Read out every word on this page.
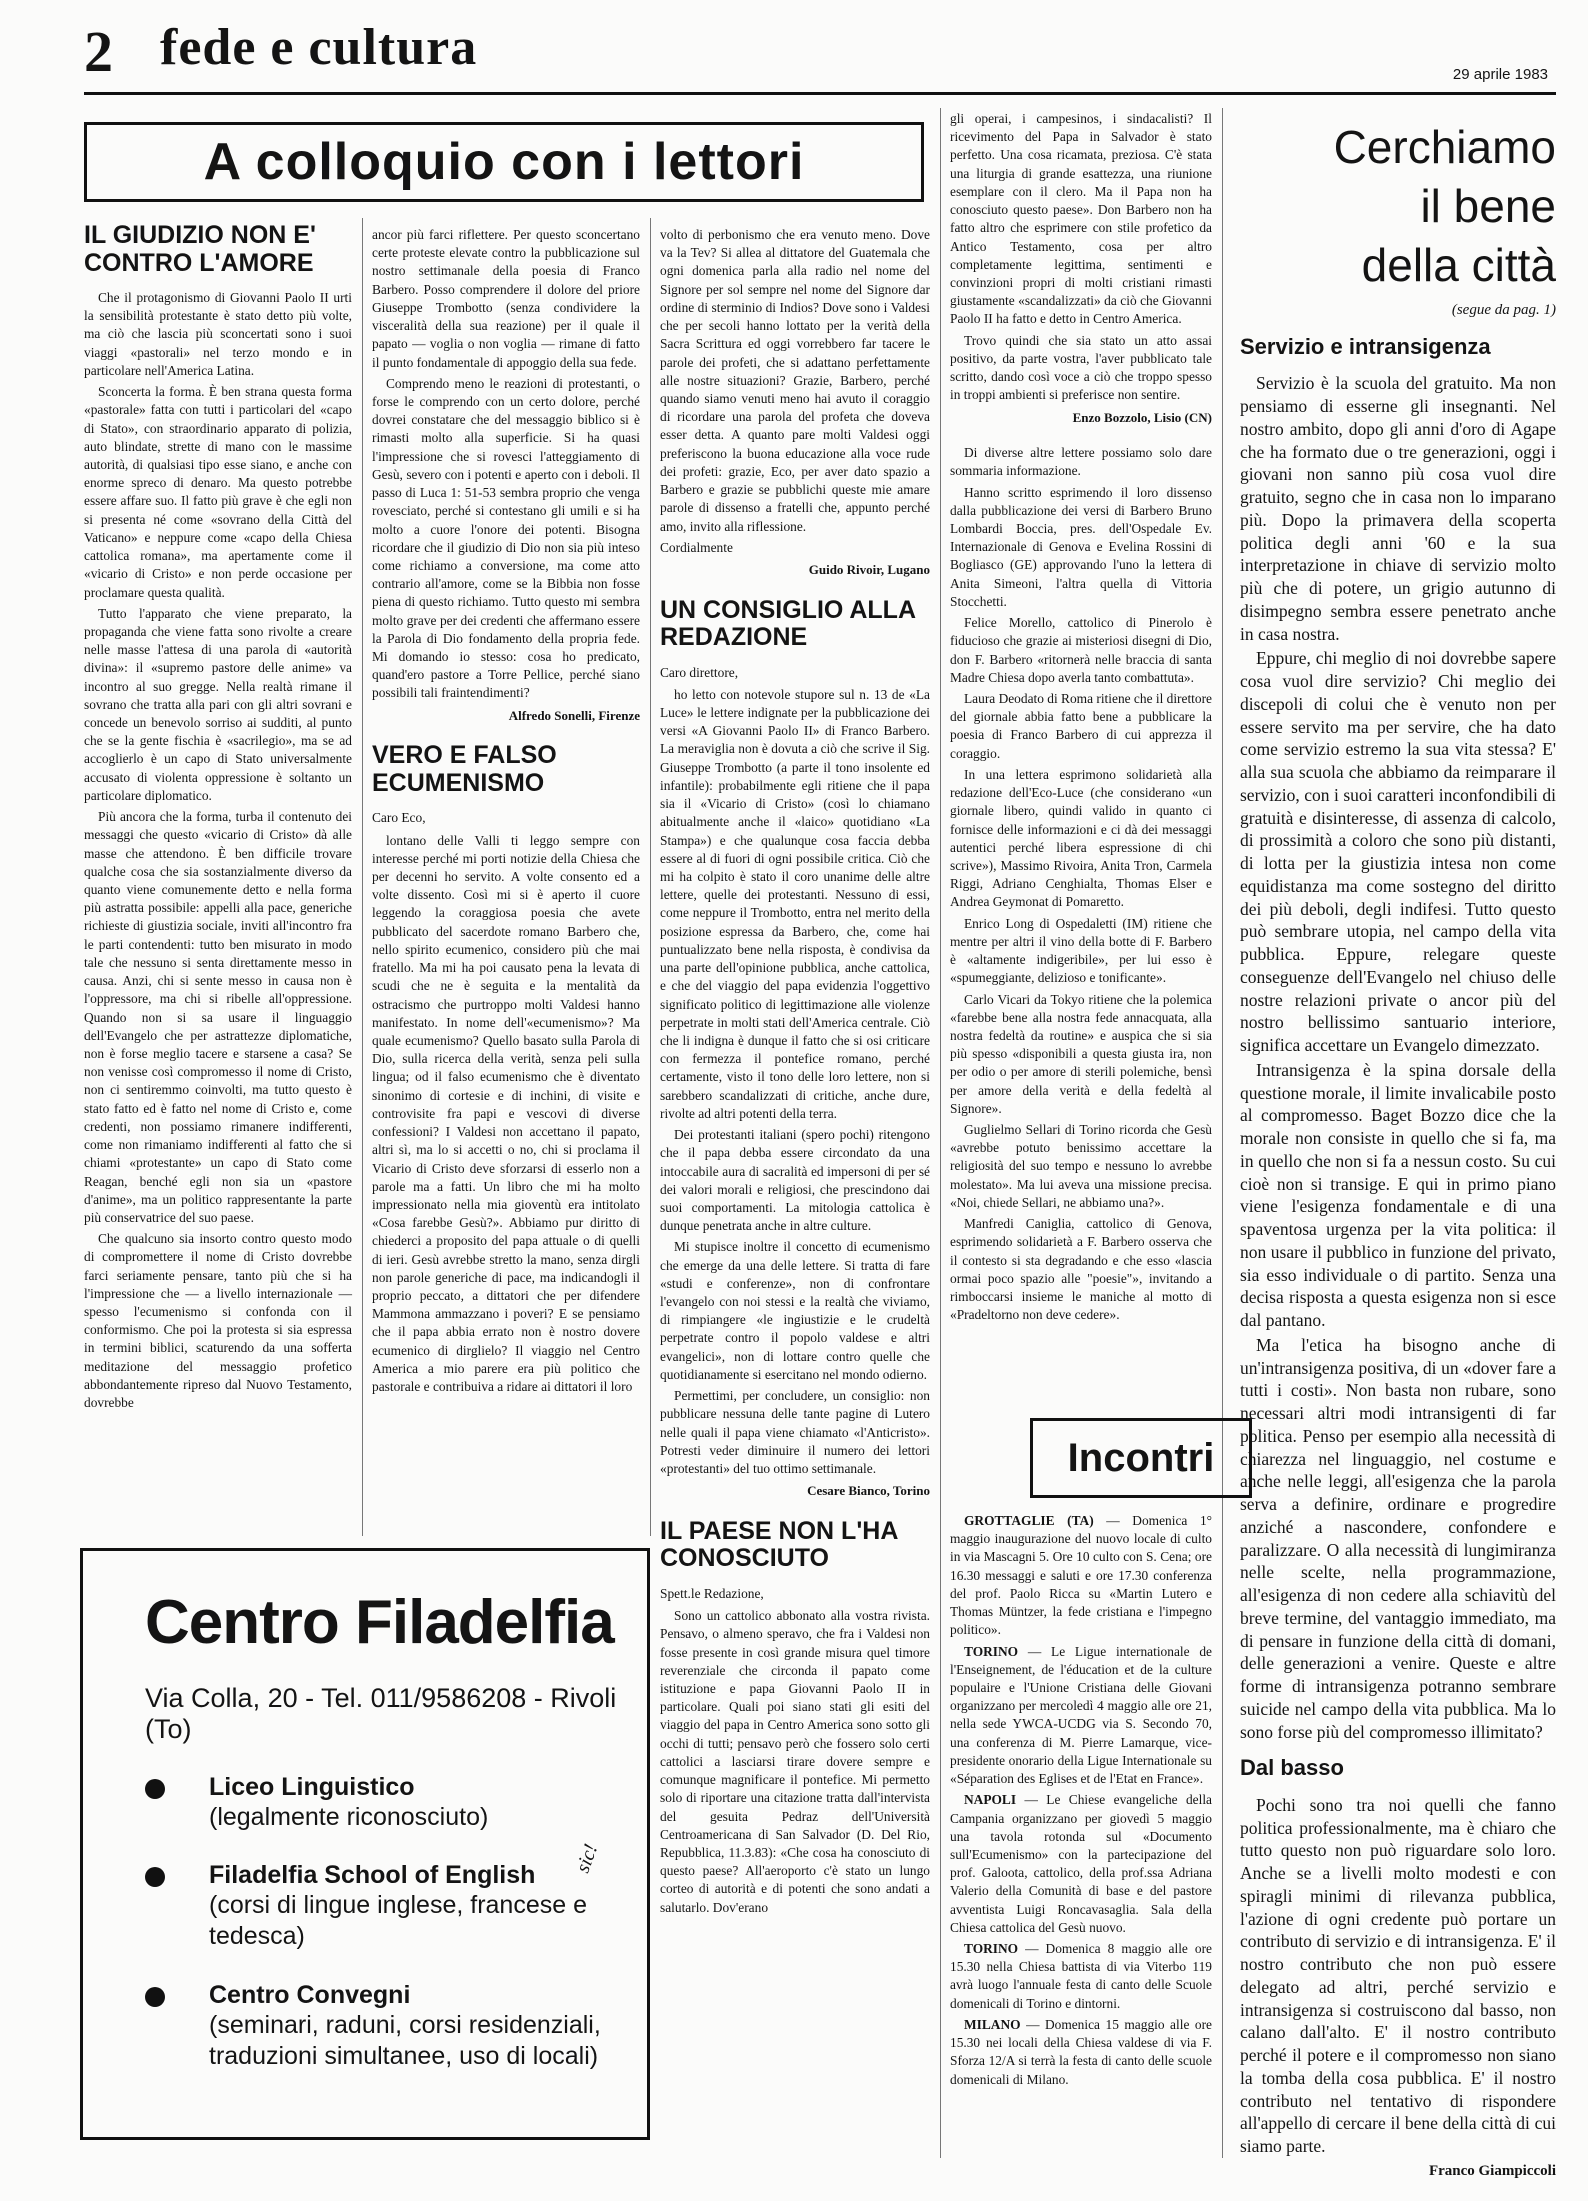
2 fede e cultura	29 aprile 1983
A colloquio con i lettori
IL GIUDIZIO NON E' CONTRO L'AMORE

Che il protagonismo di Giovanni Paolo II urti la sensibilità protestante è stato detto più volte, ma ciò che lascia più sconcertati sono i suoi viaggi «pastorali» nel terzo mondo e in particolare nell'America Latina.

Sconcerta la forma. È ben strana questa forma «pastorale» fatta con tutti i particolari del «capo di Stato», con straordinario apparato di polizia, auto blindate, strette di mano con le massime autorità, di qualsiasi tipo esse siano, e anche con enorme spreco di denaro. Ma questo potrebbe essere affare suo. Il fatto più grave è che egli non si presenta né come «sovrano della Città del Vaticano» e neppure come «capo della Chiesa cattolica romana», ma apertamente come il «vicario di Cristo» e non perde occasione per proclamare questa qualità.

Tutto l'apparato che viene preparato, la propaganda che viene fatta sono rivolte a creare nelle masse l'attesa di una parola di «autorità divina»: il «supremo pastore delle anime» va incontro al suo gregge. Nella realtà rimane il sovrano che tratta alla pari con gli altri sovrani e concede un benevolo sorriso ai sudditi, al punto che se la gente fischia è «sacrilegio», ma se ad accoglierlo è un capo di Stato universalmente accusato di violenta oppressione è soltanto un particolare diplomatico.

Più ancora che la forma, turba il contenuto dei messaggi che questo «vicario di Cristo» dà alle masse che attendono. È ben difficile trovare qualche cosa che sia sostanzialmente diverso da quanto viene comunemente detto e nella forma più astratta possibile: appelli alla pace, generiche richieste di giustizia sociale, inviti all'incontro fra le parti contendenti: tutto ben misurato in modo tale che nessuno si senta direttamente messo in causa. Anzi, chi si sente messo in causa non è l'oppressore, ma chi si ribelle all'oppressione. Quando non si sa usare il linguaggio dell'Evangelo che per astrattezze diplomatiche, non è forse meglio tacere e starsene a casa? Se non venisse così compromesso il nome di Cristo, non ci sentiremmo coinvolti, ma tutto questo è stato fatto ed è fatto nel nome di Cristo e, come credenti, non possiamo rimanere indifferenti, come non rimaniamo indifferenti al fatto che si chiami «protestante» un capo di Stato come Reagan, benché egli non sia un «pastore d'anime», ma un politico rappresentante la parte più conservatrice del suo paese.

Che qualcuno sia insorto contro questo modo di compromettere il nome di Cristo dovrebbe farci seriamente pensare, tanto più che si ha l'impressione che — a livello internazionale — spesso l'ecumenismo si confonda con il conformismo. Che poi la protesta si sia espressa in termini biblici, scaturendo da una sofferta meditazione del messaggio profetico abbondantemente ripreso dal Nuovo Testamento, dovrebbe

ancor più farci riflettere. Per questo sconcertano certe proteste elevate contro la pubblicazione sul nostro settimanale della poesia di Franco Barbero. Posso comprendere il dolore del priore Giuseppe Trombotto (senza condividere la visceralità della sua reazione) per il quale il papato — voglia o non voglia — rimane di fatto il punto fondamentale di appoggio della sua fede.

Comprendo meno le reazioni di protestanti, o forse le comprendo con un certo dolore, perché dovrei constatare che del messaggio biblico si è rimasti molto alla superficie. Si ha quasi l'impressione che si rovesci l'atteggiamento di Gesù, severo con i potenti e aperto con i deboli. Il passo di Luca 1: 51-53 sembra proprio che venga rovesciato, perché si contestano gli umili e si ha molto a cuore l'onore dei potenti. Bisogna ricordare che il giudizio di Dio non sia più inteso come richiamo a conversione, ma come atto contrario all'amore, come se la Bibbia non fosse piena di questo richiamo. Tutto questo mi sembra molto grave per dei credenti che affermano essere la Parola di Dio fondamento della propria fede. Mi domando io stesso: cosa ho predicato, quand'ero pastore a Torre Pellice, perché siano possibili tali fraintendimenti?

Alfredo Sonelli, Firenze
VERO E FALSO ECUMENISMO

Caro Eco,

lontano delle Valli ti leggo sempre con interesse perché mi porti notizie della Chiesa che per decenni ho servito. A volte consento ed a volte dissento. Così mi si è aperto il cuore leggendo la coraggiosa poesia che avete pubblicato del sacerdote romano Barbero che, nello spirito ecumenico, considero più che mai fratello. Ma mi ha poi causato pena la levata di scudi che ne è seguita e la mentalità da ostracismo che purtroppo molti Valdesi hanno manifestato. In nome dell'«ecumenismo»? Ma quale ecumenismo? Quello basato sulla Parola di Dio, sulla ricerca della verità, senza peli sulla lingua; od il falso ecumenismo che è diventato sinonimo di cortesie e di inchini, di visite e controvisite fra papi e vescovi di diverse confessioni? I Valdesi non accettano il papato, altri sì, ma lo si accetti o no, chi si proclama il Vicario di Cristo deve sforzarsi di esserlo non a parole ma a fatti. Un libro che mi ha molto impressionato nella mia gioventù era intitolato «Cosa farebbe Gesù?». Abbiamo pur diritto di chiederci a proposito del papa attuale o di quelli di ieri. Gesù avrebbe stretto la mano, senza dirgli non parole generiche di pace, ma indicandogli il proprio peccato, a dittatori che per difendere Mammona ammazzano i poveri? E se pensiamo che il papa abbia errato non è nostro dovere ecumenico di dirglielo? Il viaggio nel Centro America a mio parere era più politico che pastorale e contribuiva a ridare ai dittatori il loro

volto di perbonismo che era venuto meno. Dove va la Tev? Si allea al dittatore del Guatemala che ogni domenica parla alla radio nel nome del Signore per sol sempre nel nome del Signore dar ordine di sterminio di Indios? Dove sono i Valdesi che per secoli hanno lottato per la verità della Sacra Scrittura ed oggi vorrebbero far tacere le parole dei profeti, che si adattano perfettamente alle nostre situazioni? Grazie, Barbero, perché quando siamo venuti meno hai avuto il coraggio di ricordare una parola del profeta che doveva esser detta. A quanto pare molti Valdesi oggi preferiscono la buona educazione alla voce rude dei profeti: grazie, Eco, per aver dato spazio a Barbero e grazie se pubblichi queste mie amare parole di dissenso a fratelli che, appunto perché amo, invito alla riflessione.

Cordialmente

Guido Rivoir, Lugano
UN CONSIGLIO ALLA REDAZIONE

Caro direttore,

ho letto con notevole stupore sul n. 13 de «La Luce» le lettere indignate per la pubblicazione dei versi «A Giovanni Paolo II» di Franco Barbero. La meraviglia non è dovuta a ciò che scrive il Sig. Giuseppe Trombotto (a parte il tono insolente ed infantile): probabilmente egli ritiene che il papa sia il «Vicario di Cristo» (così lo chiamano abitualmente anche il «laico» quotidiano «La Stampa») e che qualunque cosa faccia debba essere al di fuori di ogni possibile critica. Ciò che mi ha colpito è stato il coro unanime delle altre lettere, quelle dei protestanti. Nessuno di essi, come neppure il Trombotto, entra nel merito della posizione espressa da Barbero, che, come hai puntualizzato bene nella risposta, è condivisa da una parte dell'opinione pubblica, anche cattolica, e che del viaggio del papa evidenzia l'oggettivo significato politico di legittimazione alle violenze perpetrate in molti stati dell'America centrale. Ciò che li indigna è dunque il fatto che si osi criticare con fermezza il pontefice romano, perché certamente, visto il tono delle loro lettere, non si sarebbero scandalizzati di critiche, anche dure, rivolte ad altri potenti della terra.

Dei protestanti italiani (spero pochi) ritengono che il papa debba essere circondato da una intoccabile aura di sacralità ed impersoni di per sé dei valori morali e religiosi, che prescindono dai suoi comportamenti. La mitologia cattolica è dunque penetrata anche in altre culture.

Mi stupisce inoltre il concetto di ecumenismo che emerge da una delle lettere. Si tratta di fare «studi e conferenze», non di confrontare l'evangelo con noi stessi e la realtà che viviamo, di rimpiangere «le ingiustizie e le crudeltà perpetrate contro il popolo valdese e altri evangelici», non di lottare contro quelle che quotidianamente si esercitano nel mondo odierno.

Permettimi, per concludere, un consiglio: non pubblicare nessuna delle tante pagine di Lutero nelle quali il papa viene chiamato «l'Anticristo». Potresti veder diminuire il numero dei lettori «protestanti» del tuo ottimo settimanale.

Cesare Bianco, Torino
IL PAESE NON L'HA CONOSCIUTO

Spett.le Redazione,

Sono un cattolico abbonato alla vostra rivista. Pensavo, o almeno speravo, che fra i Valdesi non fosse presente in così grande misura quel timore reverenziale che circonda il papato come istituzione e papa Giovanni Paolo II in particolare. Quali poi siano stati gli esiti del viaggio del papa in Centro America sono sotto gli occhi di tutti; pensavo però che fossero solo certi cattolici a lasciarsi tirare dovere sempre e comunque magnificare il pontefice. Mi permetto solo di riportare una citazione tratta dall'intervista del gesuita Pedraz dell'Università Centroamericana di San Salvador (D. Del Rio, Repubblica, 11.3.83): «Che cosa ha conosciuto di questo paese? All'aeroporto c'è stato un lungo corteo di autorità e di potenti che sono andati a salutarlo. Dov'erano

gli operai, i campesinos, i sindacalisti? Il ricevimento del Papa in Salvador è stato perfetto. Una cosa ricamata, preziosa. C'è stata una liturgia di grande esattezza, una riunione esemplare con il clero. Ma il Papa non ha conosciuto questo paese». Don Barbero non ha fatto altro che esprimere con stile profetico da Antico Testamento, cosa per altro completamente legittima, sentimenti e convinzioni propri di molti cristiani rimasti giustamente «scandalizzati» da ciò che Giovanni Paolo II ha fatto e detto in Centro America.

Trovo quindi che sia stato un atto assai positivo, da parte vostra, l'aver pubblicato tale scritto, dando così voce a ciò che troppo spesso in troppi ambienti si preferisce non sentire.

Enzo Bozzolo, Lisio (CN)

Di diverse altre lettere possiamo solo dare sommaria informazione.

Hanno scritto esprimendo il loro dissenso dalla pubblicazione dei versi di Barbero Bruno Lombardi Boccia, pres. dell'Ospedale Ev. Internazionale di Genova e Evelina Rossini di Bogliasco (GE) approvando l'uno la lettera di Anita Simeoni, l'altra quella di Vittoria Stocchetti.

Felice Morello, cattolico di Pinerolo è fiducioso che grazie ai misteriosi disegni di Dio, don F. Barbero «ritornerà nelle braccia di santa Madre Chiesa dopo averla tanto combattuta».

Laura Deodato di Roma ritiene che il direttore del giornale abbia fatto bene a pubblicare la poesia di Franco Barbero di cui apprezza il coraggio.

In una lettera esprimono solidarietà alla redazione dell'Eco-Luce (che considerano «un giornale libero, quindi valido in quanto ci fornisce delle informazioni e ci dà dei messaggi autentici perché libera espressione di chi scrive»), Massimo Rivoira, Anita Tron, Carmela Riggi, Adriano Cenghialta, Thomas Elser e Andrea Geymonat di Pomaretto.

Enrico Long di Ospedaletti (IM) ritiene che mentre per altri il vino della botte di F. Barbero è «altamente indigeribile», per lui esso è «spumeggiante, delizioso e tonificante».

Carlo Vicari da Tokyo ritiene che la polemica «farebbe bene alla nostra fede annacquata, alla nostra fedeltà da routine» e auspica che si sia più spesso «disponibili a questa giusta ira, non per odio o per amore di sterili polemiche, bensì per amore della verità e della fedeltà al Signore».

Guglielmo Sellari di Torino ricorda che Gesù «avrebbe potuto benissimo accettare la religiosità del suo tempo e nessuno lo avrebbe molestato». Ma lui aveva una missione precisa. «Noi, chiede Sellari, ne abbiamo una?».

Manfredi Caniglia, cattolico di Genova, esprimendo solidarietà a F. Barbero osserva che il contesto si sta degradando e che esso «lascia ormai poco spazio alle "poesie"», invitando a rimboccarsi insieme le maniche al motto di «Pradeltorno non deve cedere».

Incontri

GROTTAGLIE (TA) — Domenica 1° maggio inaugurazione del nuovo locale di culto in via Mascagni 5. Ore 10 culto con S. Cena; ore 16.30 messaggi e saluti e ore 17.30 conferenza del prof. Paolo Ricca su «Martin Lutero e Thomas Müntzer, la fede cristiana e l'impegno politico».

TORINO — Le Ligue internationale de l'Enseignement, de l'éducation et de la culture populaire e l'Unione Cristiana delle Giovani organizzano per mercoledì 4 maggio alle ore 21, nella sede YWCA-UCDG via S. Secondo 70, una conferenza di M. Pierre Lamarque, vice-presidente onorario della Ligue Internationale su «Séparation des Eglises et de l'Etat en France».

NAPOLI — Le Chiese evangeliche della Campania organizzano per giovedì 5 maggio una tavola rotonda sul «Documento sull'Ecumenismo» con la partecipazione del prof. Galoota, cattolico, della prof.ssa Adriana Valerio della Comunità di base e del pastore avventista Luigi Roncavasaglia. Sala della Chiesa cattolica del Gesù nuovo.

TORINO — Domenica 8 maggio alle ore 15.30 nella Chiesa battista di via Viterbo 119 avrà luogo l'annuale festa di canto delle Scuole domenicali di Torino e dintorni.

MILANO — Domenica 15 maggio alle ore 15.30 nei locali della Chiesa valdese di via F. Sforza 12/A si terrà la festa di canto delle scuole domenicali di Milano.

Centro Filadelfia
Via Colla, 20 - Tel. 011/9586208 - Rivoli (To)
sic!
Liceo Linguistico
(legalmente riconosciuto)
Filadelfia School of English
(corsi di lingue inglese, francese e tedesca)
Centro Convegni
(seminari, raduni, corsi residenziali, traduzioni simultanee, uso di locali)
Cerchiamo
il bene
della città
(segue da pag. 1)
Servizio e intransigenza

Servizio è la scuola del gratuito. Ma non pensiamo di esserne gli insegnanti. Nel nostro ambito, dopo gli anni d'oro di Agape che ha formato due o tre generazioni, oggi i giovani non sanno più cosa vuol dire gratuito, segno che in casa non lo imparano più. Dopo la primavera della scoperta politica degli anni '60 e la sua interpretazione in chiave di servizio molto più che di potere, un grigio autunno di disimpegno sembra essere penetrato anche in casa nostra.

Eppure, chi meglio di noi dovrebbe sapere cosa vuol dire servizio? Chi meglio dei discepoli di colui che è venuto non per essere servito ma per servire, che ha dato come servizio estremo la sua vita stessa? E' alla sua scuola che abbiamo da reimparare il servizio, con i suoi caratteri inconfondibili di gratuità e disinteresse, di assenza di calcolo, di prossimità a coloro che sono più distanti, di lotta per la giustizia intesa non come equidistanza ma come sostegno del diritto dei più deboli, degli indifesi. Tutto questo può sembrare utopia, nel campo della vita pubblica. Eppure, relegare queste conseguenze dell'Evangelo nel chiuso delle nostre relazioni private o ancor più del nostro bellissimo santuario interiore, significa accettare un Evangelo dimezzato.

Intransigenza è la spina dorsale della questione morale, il limite invalicabile posto al compromesso. Baget Bozzo dice che la morale non consiste in quello che si fa, ma in quello che non si fa a nessun costo. Su cui cioè non si transige. E qui in primo piano viene l'esigenza fondamentale e di una spaventosa urgenza per la vita politica: il non usare il pubblico in funzione del privato, sia esso individuale o di partito. Senza una decisa risposta a questa esigenza non si esce dal pantano.

Ma l'etica ha bisogno anche di un'intransigenza positiva, di un «dover fare a tutti i costi». Non basta non rubare, sono necessari altri modi intransigenti di far politica. Penso per esempio alla necessità di chiarezza nel linguaggio, nel costume e anche nelle leggi, all'esigenza che la parola serva a definire, ordinare e progredire anziché a nascondere, confondere e paralizzare. O alla necessità di lungimiranza nelle scelte, nella programmazione, all'esigenza di non cedere alla schiavitù del breve termine, del vantaggio immediato, ma di pensare in funzione della città di domani, delle generazioni a venire. Queste e altre forme di intransigenza potranno sembrare suicide nel campo della vita pubblica. Ma lo sono forse più del compromesso illimitato?

Dal basso

Pochi sono tra noi quelli che fanno politica professionalmente, ma è chiaro che tutto questo non può riguardare solo loro. Anche se a livelli molto modesti e con spiragli minimi di rilevanza pubblica, l'azione di ogni credente può portare un contributo di servizio e di intransigenza. E' il nostro contributo che non può essere delegato ad altri, perché servizio e intransigenza si costruiscono dal basso, non calano dall'alto. E' il nostro contributo perché il potere e il compromesso non siano la tomba della cosa pubblica. E' il nostro contributo nel tentativo di rispondere all'appello di cercare il bene della città di cui siamo parte.

Franco Giampiccoli
